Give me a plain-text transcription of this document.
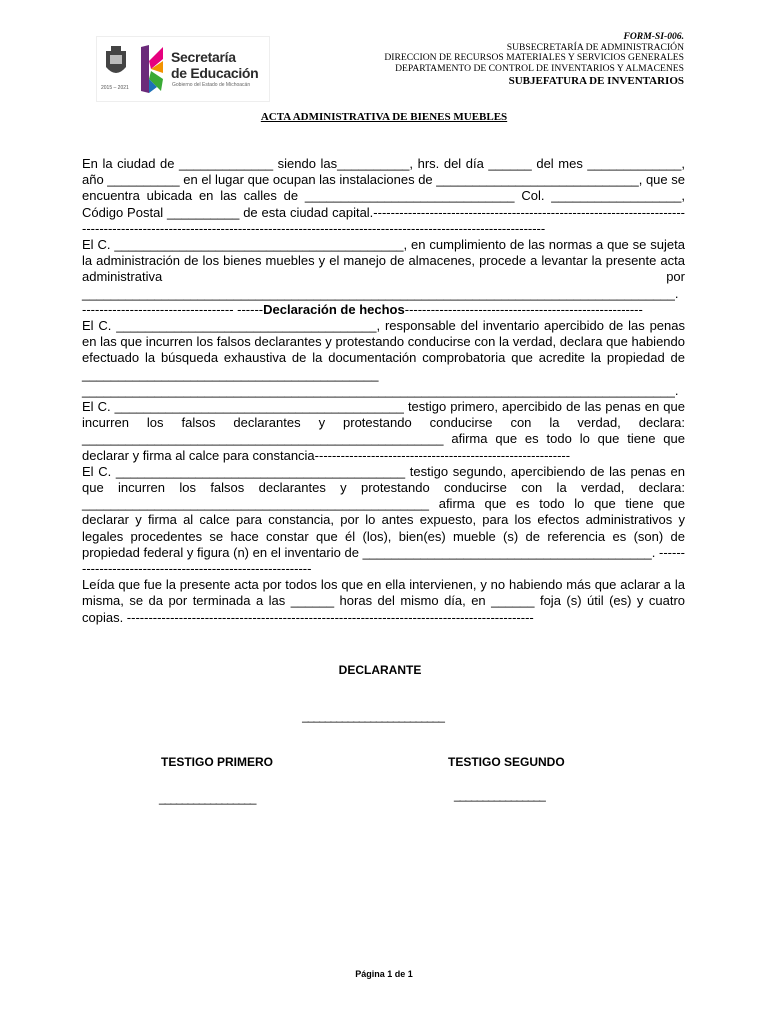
2015 – 2021
Secretaría
de Educación
Gobierno del Estado de Michoacán
FORM-SI-006.
SUBSECRETARÍA DE ADMINISTRACIÓN
DIRECCION DE RECURSOS MATERIALES Y SERVICIOS GENERALES
DEPARTAMENTO DE CONTROL DE INVENTARIOS Y ALMACENES
SUBJEFATURA DE INVENTARIOS
ACTA ADMINISTRATIVA DE BIENES MUEBLES

En la ciudad de _____________ siendo las__________, hrs. del día ______ del mes _____________, año __________ en el lugar que ocupan las instalaciones de ____________________________, que se encuentra ubicada en las calles de _____________________________ Col. __________________, Código Postal __________ de esta ciudad capital.-----------------------------------------------------------------------------------------------------------------------------------------------------------------------------------

El C. ________________________________________, en cumplimiento de las normas a que se sujeta la administración de los bienes muebles y el manejo de almacenes, procede a levantar la presente acta administrativa por __________________________________________________________________________________.

----------------------------------- ------Declaración de hechos-------------------------------------------------------

El C. ____________________________________, responsable del inventario apercibido de las penas en las que incurren los falsos declarantes y protestando conducirse con la verdad, declara que habiendo efectuado la búsqueda exhaustiva de la documentación comprobatoria que acredite la propiedad de _________________________________________ __________________________________________________________________________________.

El C. ________________________________________ testigo primero, apercibido de las penas en que incurren los falsos declarantes y protestando conducirse con la verdad, declara: __________________________________________________ afirma que es todo lo que tiene que declarar y firma al calce para constancia-----------------------------------------------------------

El C. ________________________________________ testigo segundo, apercibiendo de las penas en que incurren los falsos declarantes y protestando conducirse con la verdad, declara: ________________________________________________ afirma que es todo lo que tiene que declarar y firma al calce para constancia, por lo antes expuesto, para los efectos administrativos y legales procedentes se hace constar que él (los), bien(es) mueble (s) de referencia es (son) de propiedad federal y figura (n) en el inventario de ________________________________________. -----------------------------------------------------------

Leída que fue la presente acta por todos los que en ella intervienen, y no habiendo más que aclarar a la misma, se da por terminada a las ______ horas del mismo día, en ______ foja (s) útil (es) y cuatro copias. ----------------------------------------------------------------------------------------------

DECLARANTE
_________________________
TESTIGO PRIMERO
_________________
TESTIGO SEGUNDO
________________
Página 1 de 1
